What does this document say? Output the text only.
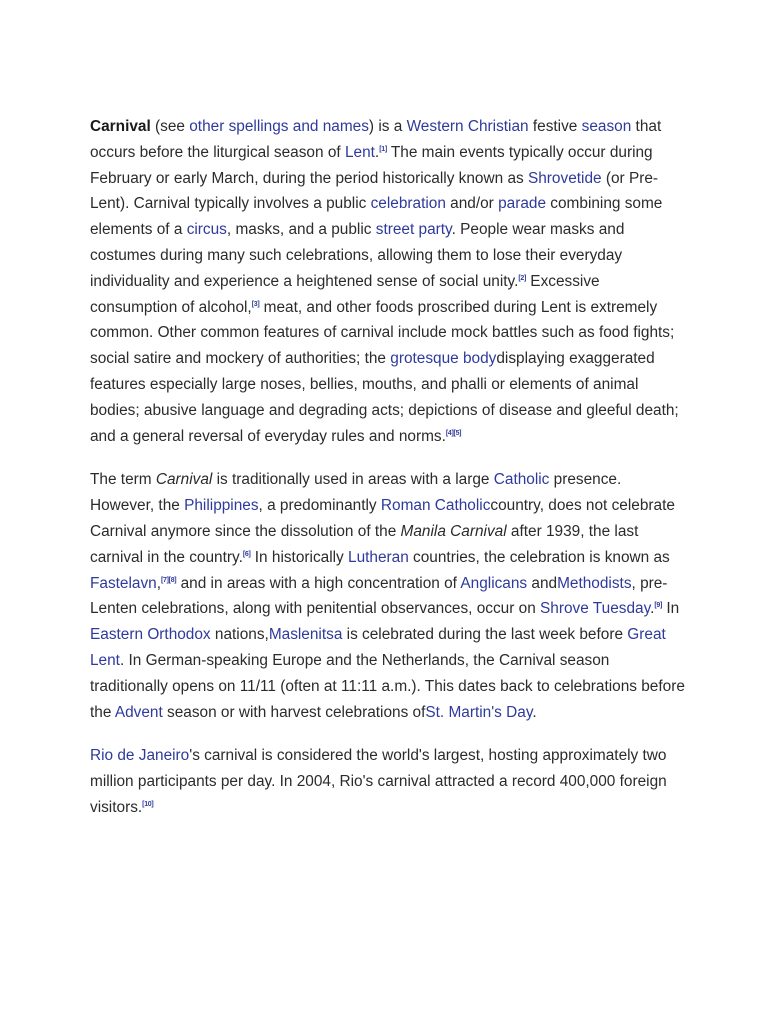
Carnival (see other spellings and names) is a Western Christian festive season that occurs before the liturgical season of Lent.[1] The main events typically occur during February or early March, during the period historically known as Shrovetide (or Pre-Lent). Carnival typically involves a public celebration and/or parade combining some elements of a circus, masks, and a public street party. People wear masks and costumes during many such celebrations, allowing them to lose their everyday individuality and experience a heightened sense of social unity.[2] Excessive consumption of alcohol,[3] meat, and other foods proscribed during Lent is extremely common. Other common features of carnival include mock battles such as food fights; social satire and mockery of authorities; the grotesque bodydisplaying exaggerated features especially large noses, bellies, mouths, and phalli or elements of animal bodies; abusive language and degrading acts; depictions of disease and gleeful death; and a general reversal of everyday rules and norms.[4][5]

The term Carnival is traditionally used in areas with a large Catholic presence. However, the Philippines, a predominantly Roman Catholiccountry, does not celebrate Carnival anymore since the dissolution of the Manila Carnival after 1939, the last carnival in the country.[6] In historically Lutheran countries, the celebration is known as Fastelavn,[7][8] and in areas with a high concentration of Anglicans andMethodists, pre-Lenten celebrations, along with penitential observances, occur on Shrove Tuesday.[9] In Eastern Orthodox nations,Maslenitsa is celebrated during the last week before Great Lent. In German-speaking Europe and the Netherlands, the Carnival season traditionally opens on 11/11 (often at 11:11 a.m.). This dates back to celebrations before the Advent season or with harvest celebrations ofSt. Martin's Day.

Rio de Janeiro's carnival is considered the world's largest, hosting approximately two million participants per day. In 2004, Rio's carnival attracted a record 400,000 foreign visitors.[10]
